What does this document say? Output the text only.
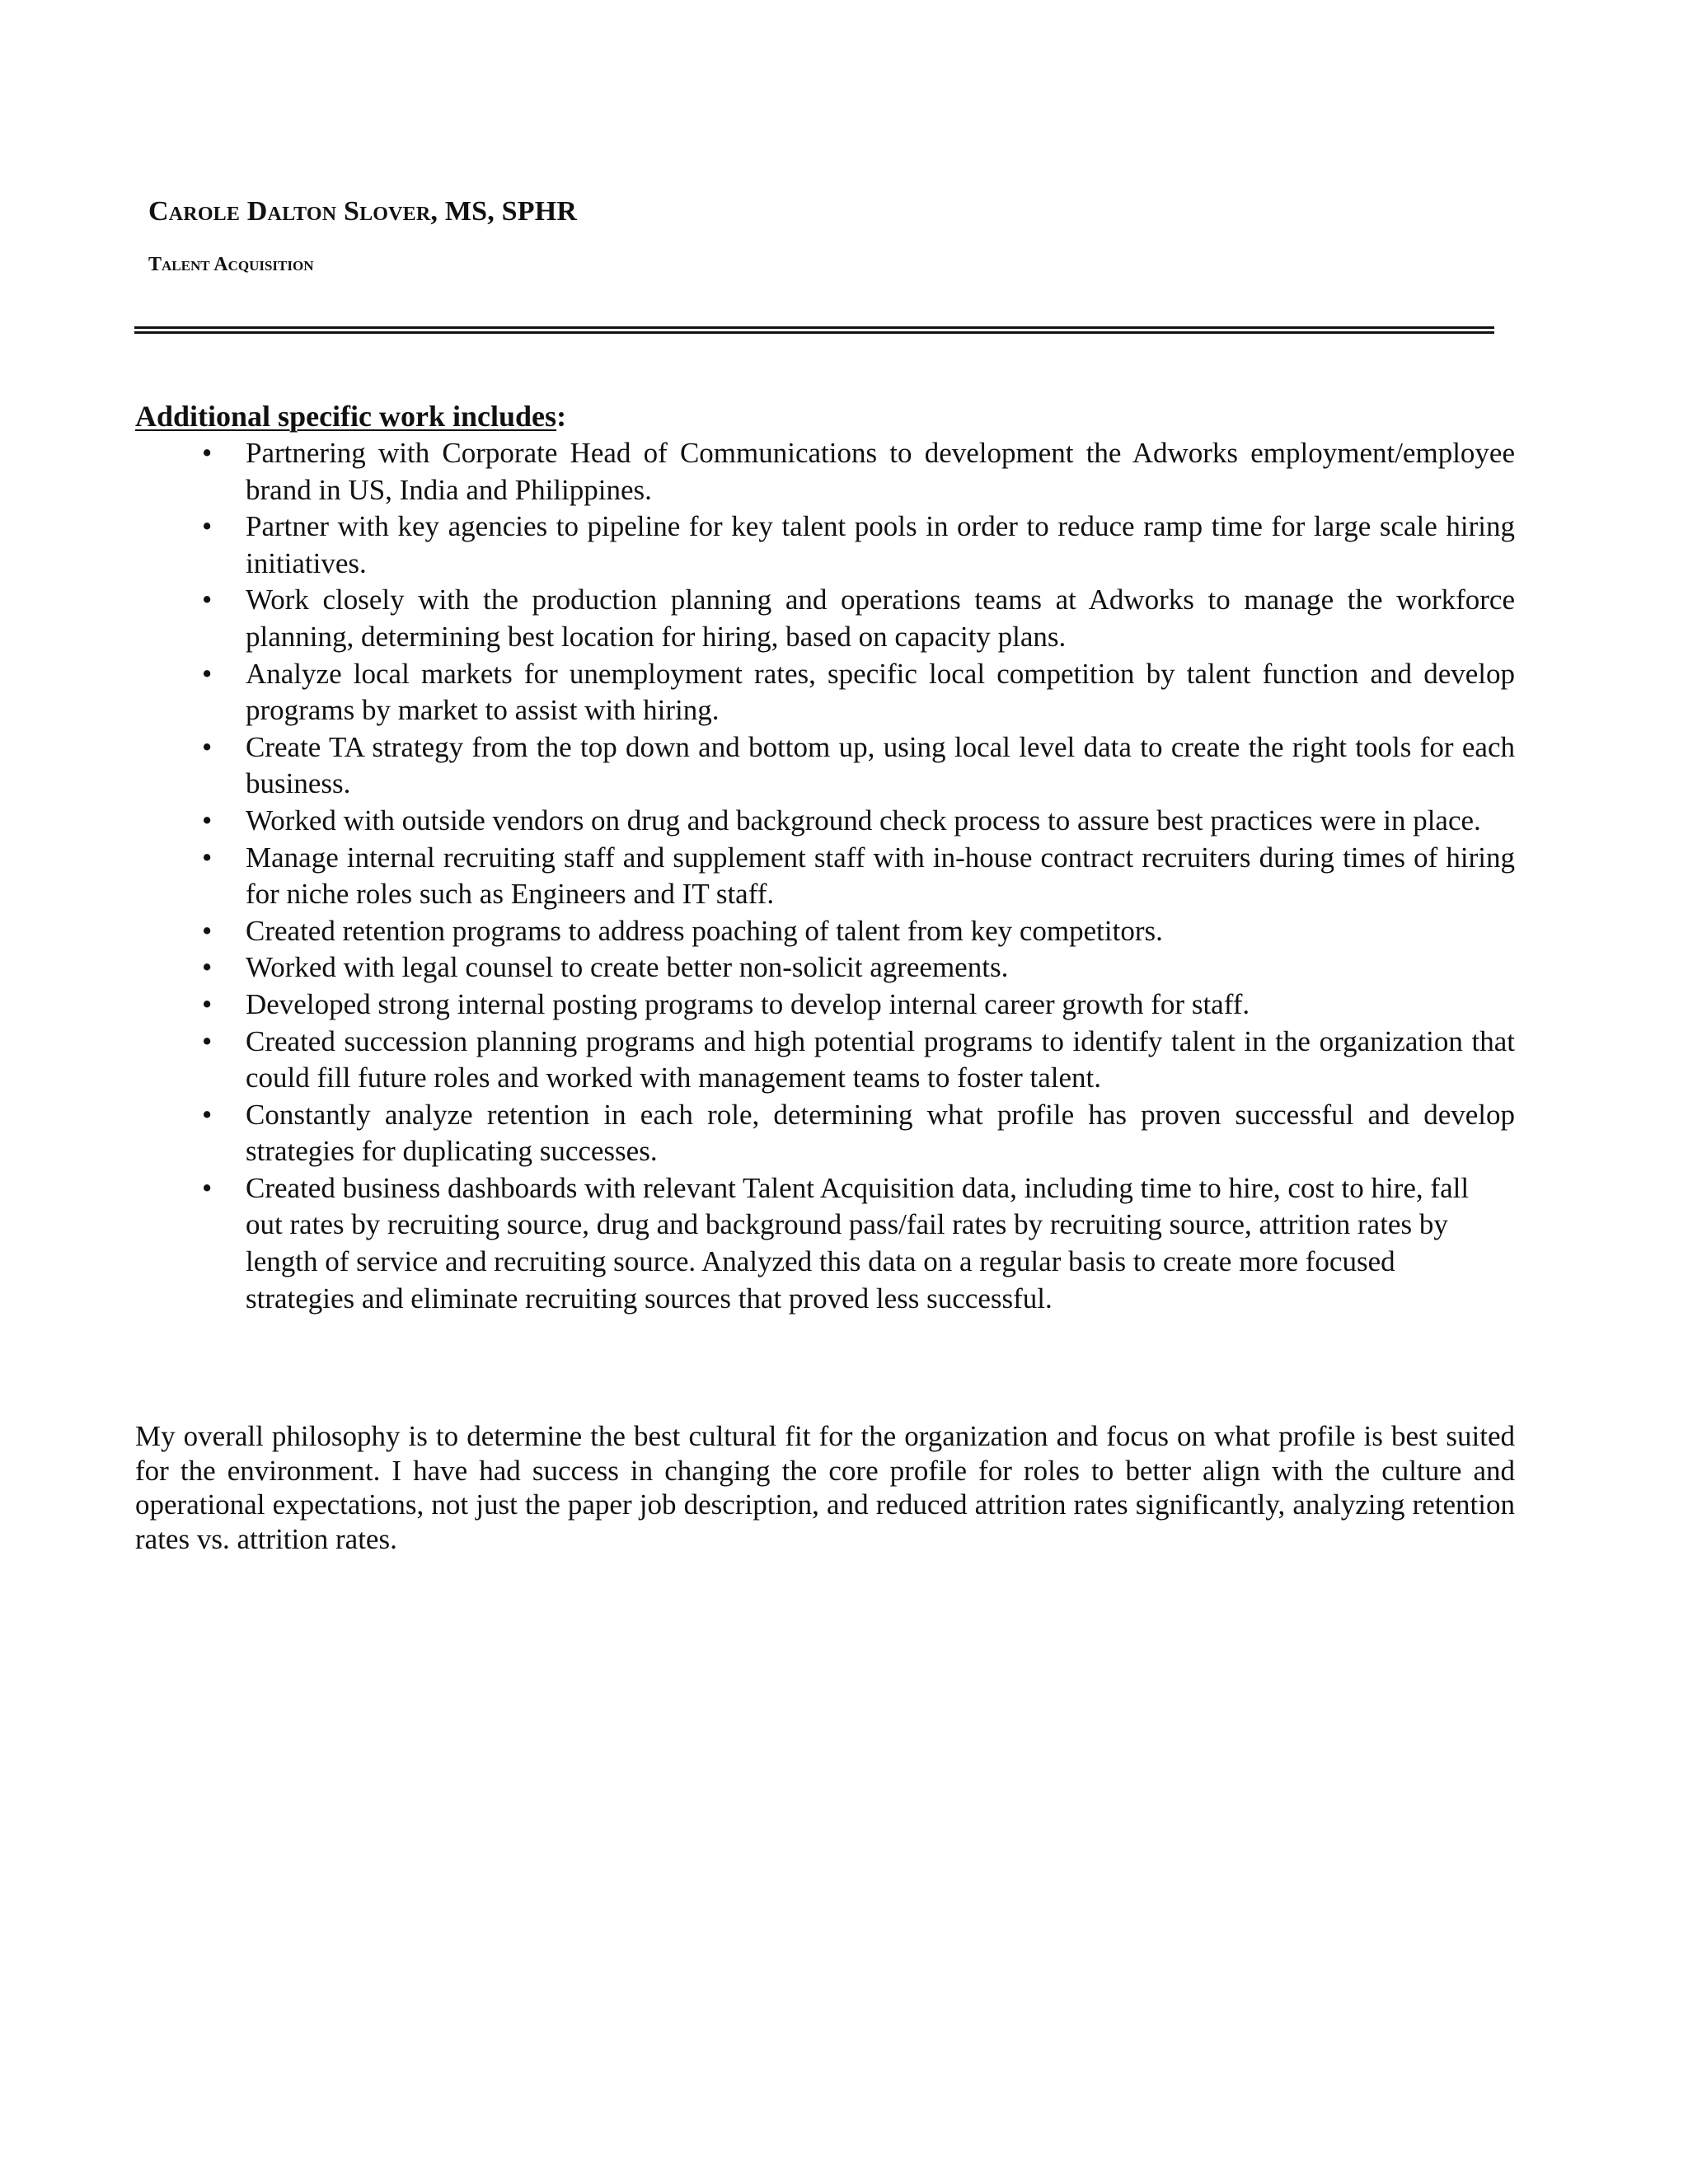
Carole Dalton Slover, MS, SPHR
Talent Acquisition
Additional specific work includes:
• Partnering with Corporate Head of Communications to development the Adworks employment/employee brand in US, India and Philippines.
• Partner with key agencies to pipeline for key talent pools in order to reduce ramp time for large scale hiring initiatives.
• Work closely with the production planning and operations teams at Adworks to manage the workforce planning, determining best location for hiring, based on capacity plans.
• Analyze local markets for unemployment rates, specific local competition by talent function and develop programs by market to assist with hiring.
• Create TA strategy from the top down and bottom up, using local level data to create the right tools for each business.
• Worked with outside vendors on drug and background check process to assure best practices were in place.
• Manage internal recruiting staff and supplement staff with in-house contract recruiters during times of hiring for niche roles such as Engineers and IT staff.
• Created retention programs to address poaching of talent from key competitors.
• Worked with legal counsel to create better non-solicit agreements.
• Developed strong internal posting programs to develop internal career growth for staff.
• Created succession planning programs and high potential programs to identify talent in the organization that could fill future roles and worked with management teams to foster talent.
• Constantly analyze retention in each role, determining what profile has proven successful and develop strategies for duplicating successes.
• Created business dashboards with relevant Talent Acquisition data, including time to hire, cost to hire, fall out rates by recruiting source, drug and background pass/fail rates by recruiting source, attrition rates by length of service and recruiting source. Analyzed this data on a regular basis to create more focused strategies and eliminate recruiting sources that proved less successful.

My overall philosophy is to determine the best cultural fit for the organization and focus on what profile is best suited for the environment. I have had success in changing the core profile for roles to better align with the culture and operational expectations, not just the paper job description, and reduced attrition rates significantly, analyzing retention rates vs. attrition rates.
